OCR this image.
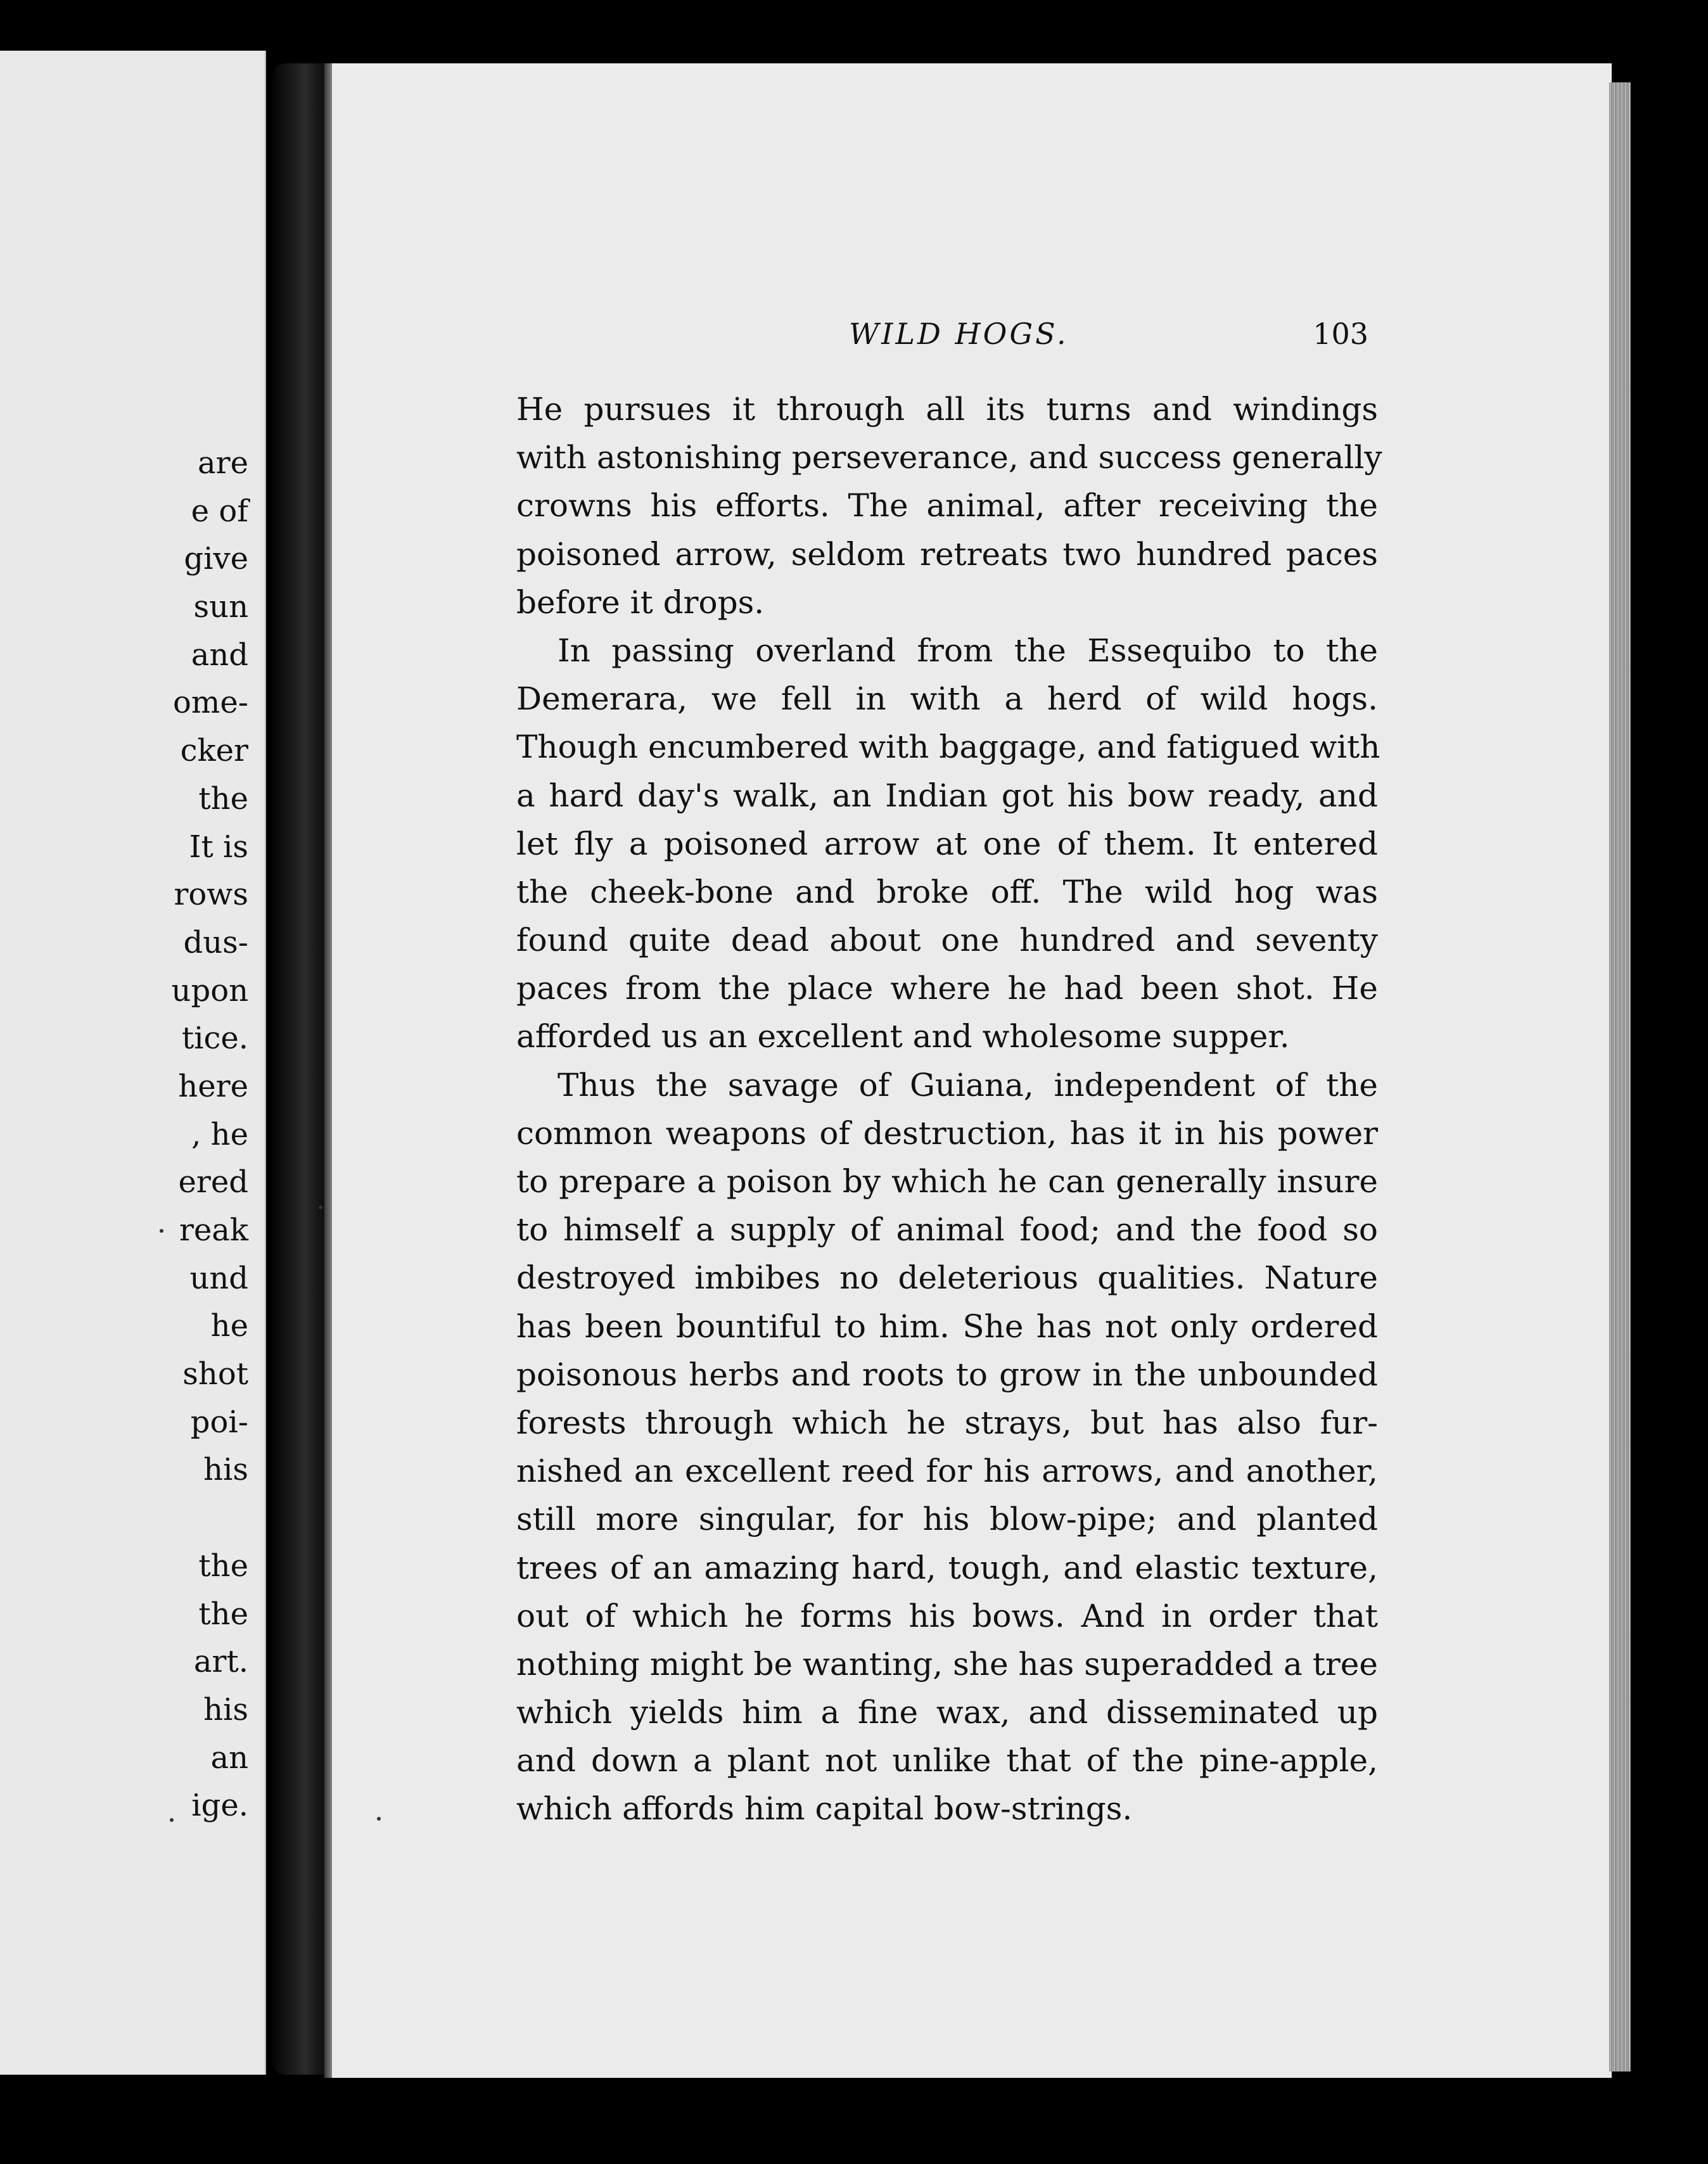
are
e of
give
sun
and
ome-
cker
the
It is
rows
dus-
upon
tice.
here
, he
ered
reak
und
he
shot
poi-
his
the
the
art.
his
an
ige.
WILD HOGS.	103
He pursues it through all its turns and windings
with astonishing perseverance, and success generally
crowns his efforts. The animal, after receiving the
poisoned arrow, seldom retreats two hundred paces
before it drops.
In passing overland from the Essequibo to the
Demerara, we fell in with a herd of wild hogs.
Though encumbered with baggage, and fatigued with
a hard day's walk, an Indian got his bow ready, and
let fly a poisoned arrow at one of them. It entered
the cheek-bone and broke off. The wild hog was
found quite dead about one hundred and seventy
paces from the place where he had been shot. He
afforded us an excellent and wholesome supper.
Thus the savage of Guiana, independent of the
common weapons of destruction, has it in his power
to prepare a poison by which he can generally insure
to himself a supply of animal food; and the food so
destroyed imbibes no deleterious qualities. Nature
has been bountiful to him. She has not only ordered
poisonous herbs and roots to grow in the unbounded
forests through which he strays, but has also fur-
nished an excellent reed for his arrows, and another,
still more singular, for his blow-pipe; and planted
trees of an amazing hard, tough, and elastic texture,
out of which he forms his bows. And in order that
nothing might be wanting, she has superadded a tree
which yields him a fine wax, and disseminated up
and down a plant not unlike that of the pine-apple,
which affords him capital bow-strings.
